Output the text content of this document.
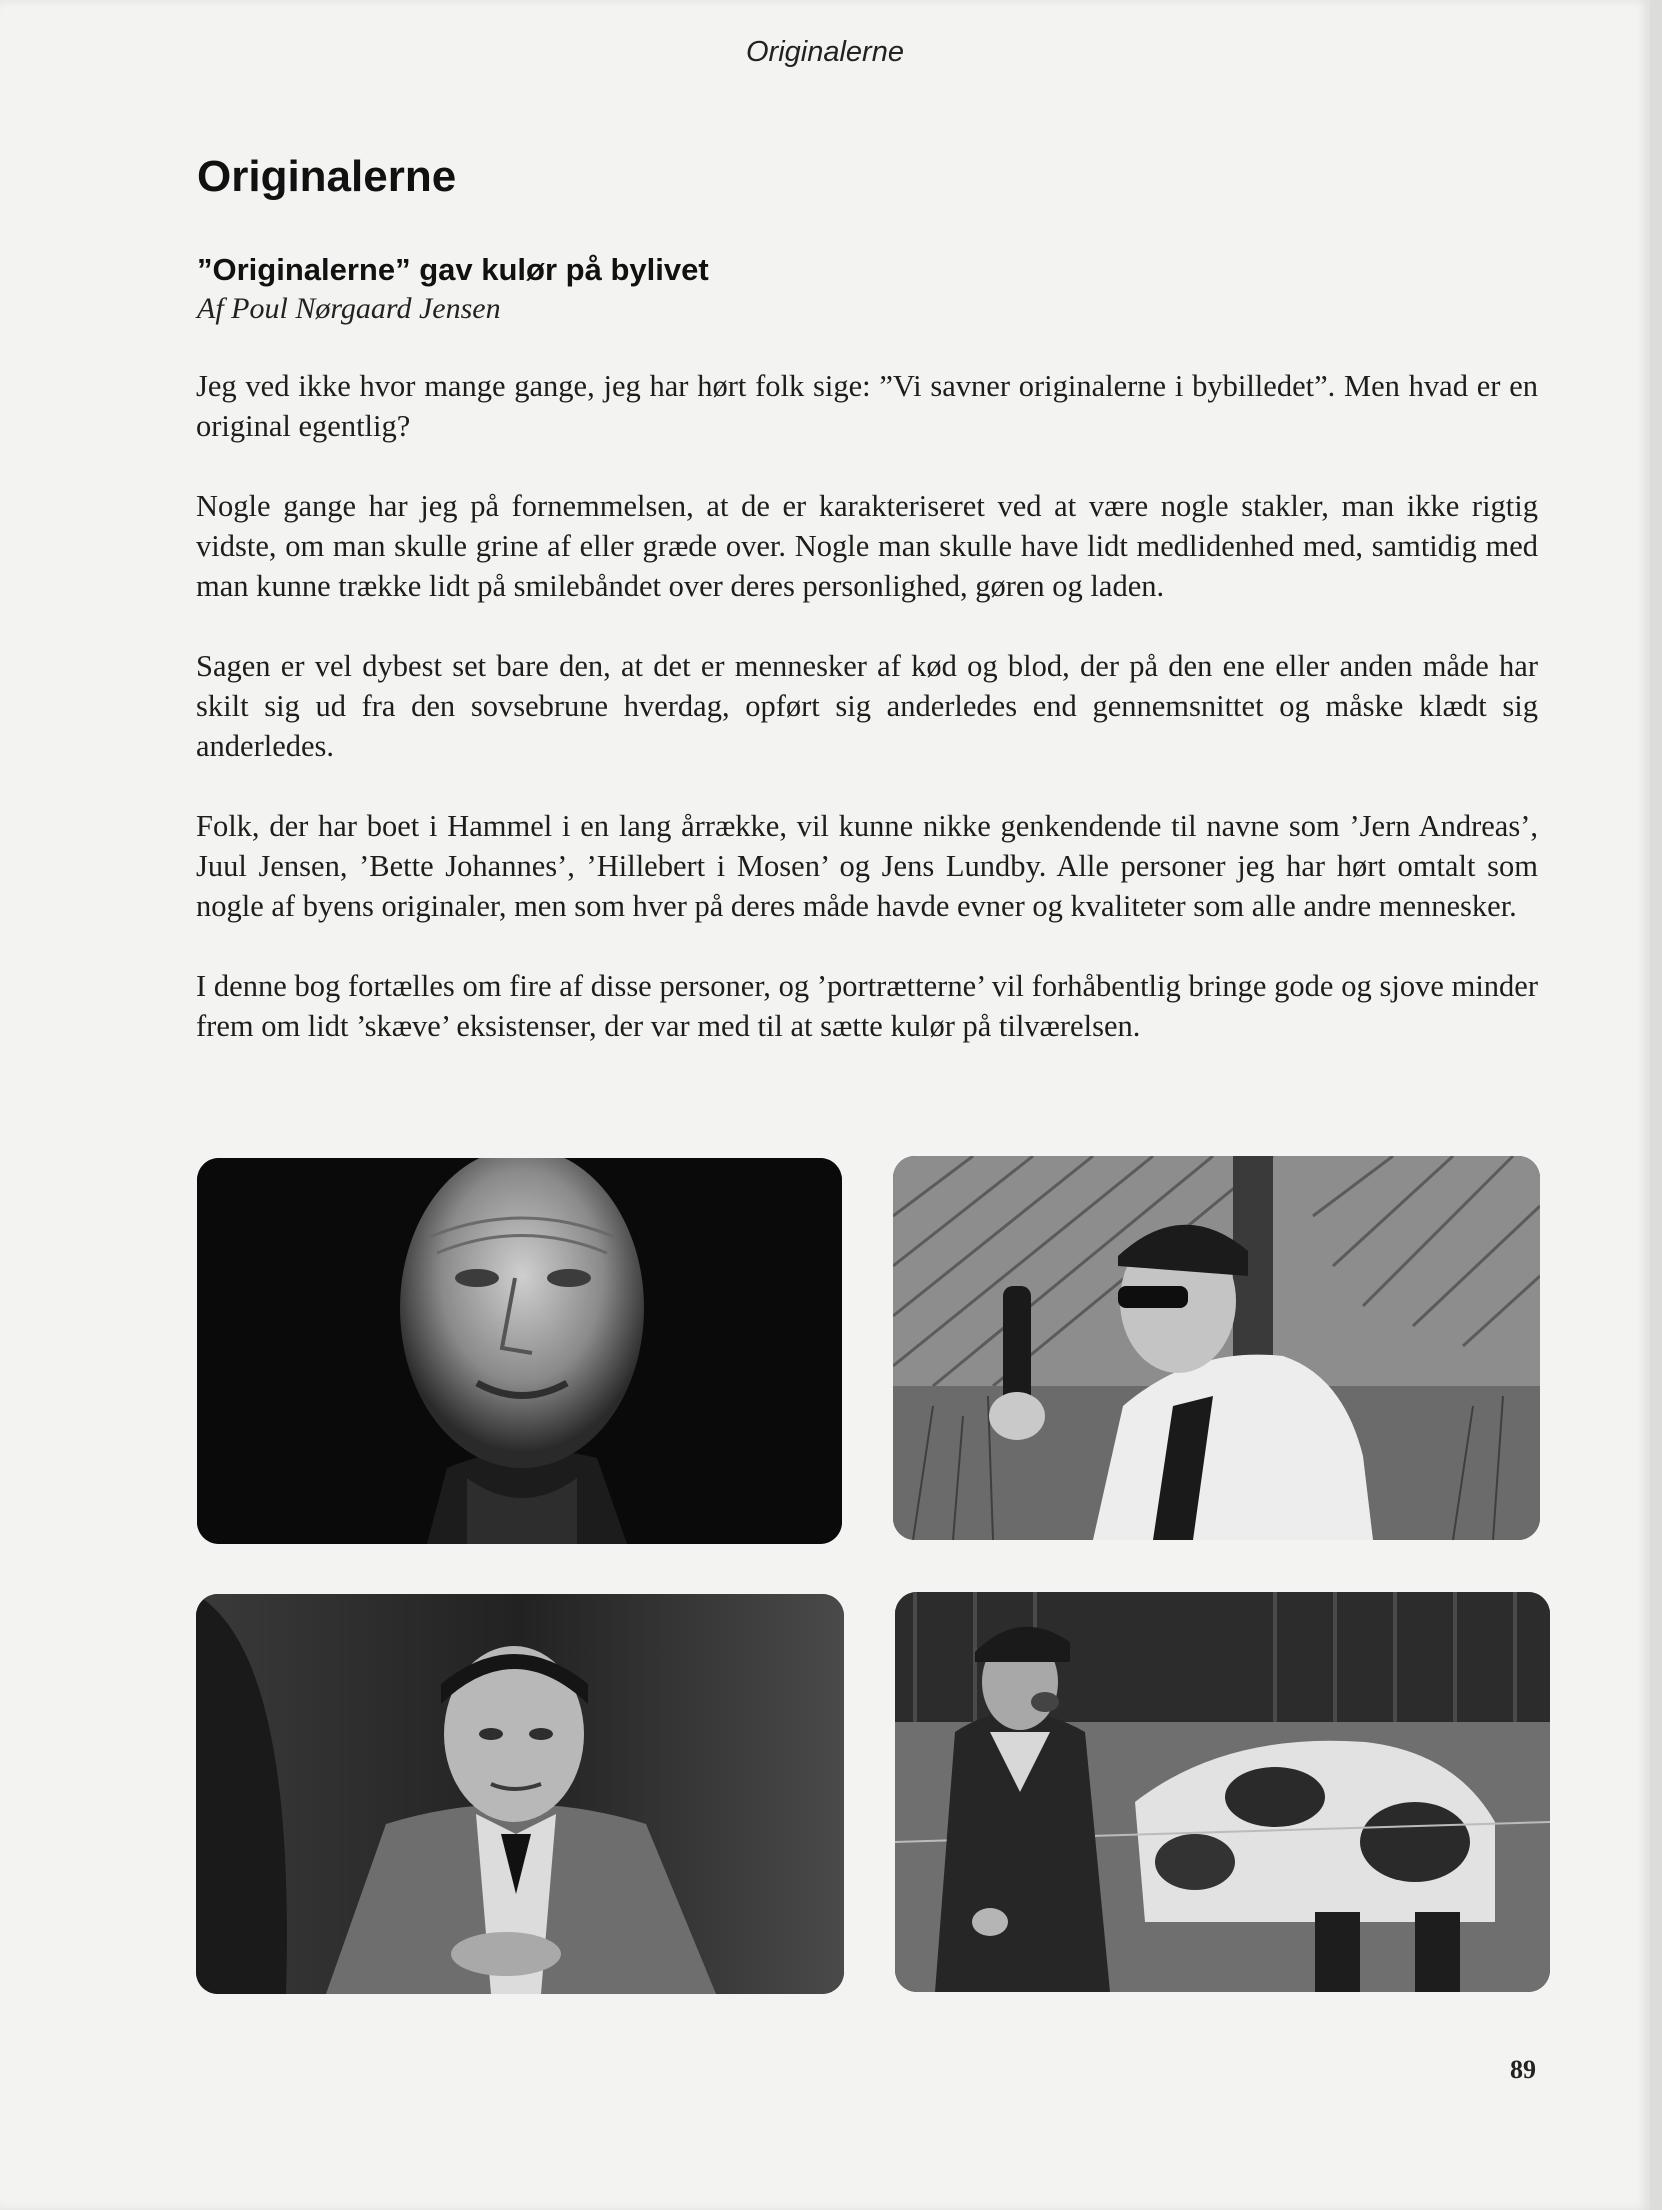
Originalerne
Originalerne
”Originalerne” gav kulør på bylivet
Af Poul Nørgaard Jensen

Jeg ved ikke hvor mange gange, jeg har hørt folk sige: ”Vi savner originalerne i bybilledet”. Men hvad er en original egentlig?

Nogle gange har jeg på fornemmelsen, at de er karakteriseret ved at være nogle stakler, man ikke rigtig vidste, om man skulle grine af eller græde over. Nogle man skulle have lidt medlidenhed med, samtidig med man kunne trække lidt på smilebåndet over deres personlighed, gøren og laden.

Sagen er vel dybest set bare den, at det er mennesker af kød og blod, der på den ene eller anden måde har skilt sig ud fra den sovsebrune hverdag, opført sig anderledes end gennemsnittet og måske klædt sig anderledes.

Folk, der har boet i Hammel i en lang årrække, vil kunne nikke genkendende til navne som ’Jern Andreas’, Juul Jensen, ’Bette Johannes’, ’Hillebert i Mosen’ og Jens Lundby. Alle personer jeg har hørt omtalt som nogle af byens originaler, men som hver på deres måde havde evner og kvaliteter som alle andre mennesker.

I denne bog fortælles om fire af disse personer, og ’portrætterne’ vil forhåbentlig bringe gode og sjove minder frem om lidt ’skæve’ eksistenser, der var med til at sætte kulør på tilværelsen.

89
